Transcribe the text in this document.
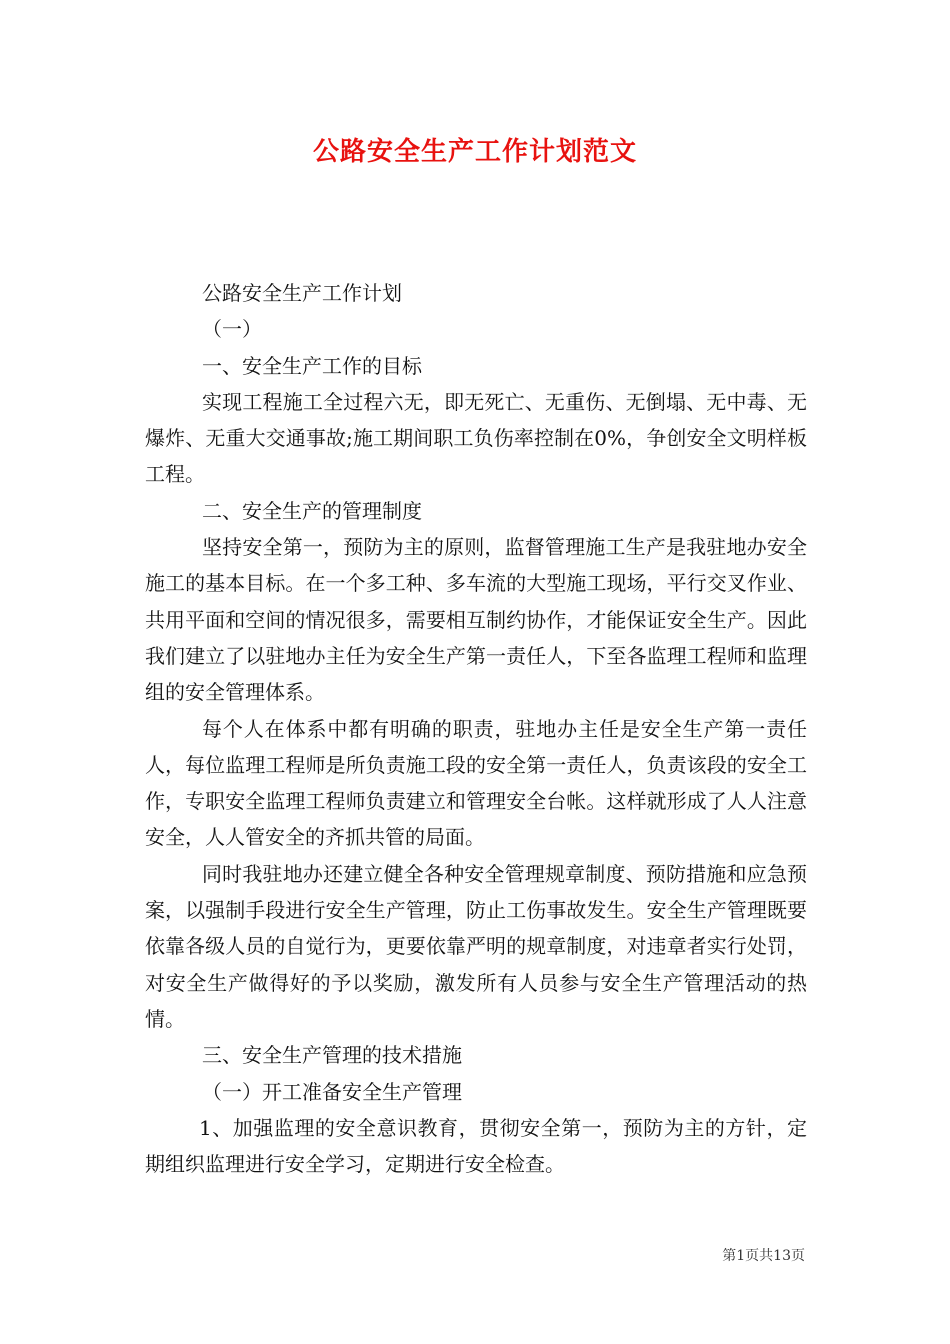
公路安全生产工作计划范文

公路安全生产工作计划

（一）

一、安全生产工作的目标

实现工程施工全过程六无，即无死亡、无重伤、无倒塌、无中毒、无爆炸、无重大交通事故;施工期间职工负伤率控制在0%，争创安全文明样板工程。

二、安全生产的管理制度

坚持安全第一，预防为主的原则，监督管理施工生产是我驻地办安全施工的基本目标。在一个多工种、多车流的大型施工现场，平行交叉作业、共用平面和空间的情况很多，需要相互制约协作，才能保证安全生产。因此我们建立了以驻地办主任为安全生产第一责任人，下至各监理工程师和监理组的安全管理体系。

每个人在体系中都有明确的职责，驻地办主任是安全生产第一责任人，每位监理工程师是所负责施工段的安全第一责任人，负责该段的安全工作，专职安全监理工程师负责建立和管理安全台帐。这样就形成了人人注意安全，人人管安全的齐抓共管的局面。

同时我驻地办还建立健全各种安全管理规章制度、预防措施和应急预案，以强制手段进行安全生产管理，防止工伤事故发生。安全生产管理既要依靠各级人员的自觉行为，更要依靠严明的规章制度，对违章者实行处罚，对安全生产做得好的予以奖励，激发所有人员参与安全生产管理活动的热情。

三、安全生产管理的技术措施

（一）开工准备安全生产管理

1、加强监理的安全意识教育，贯彻安全第一，预防为主的方针，定期组织监理进行安全学习，定期进行安全检查。

第1页共13页
